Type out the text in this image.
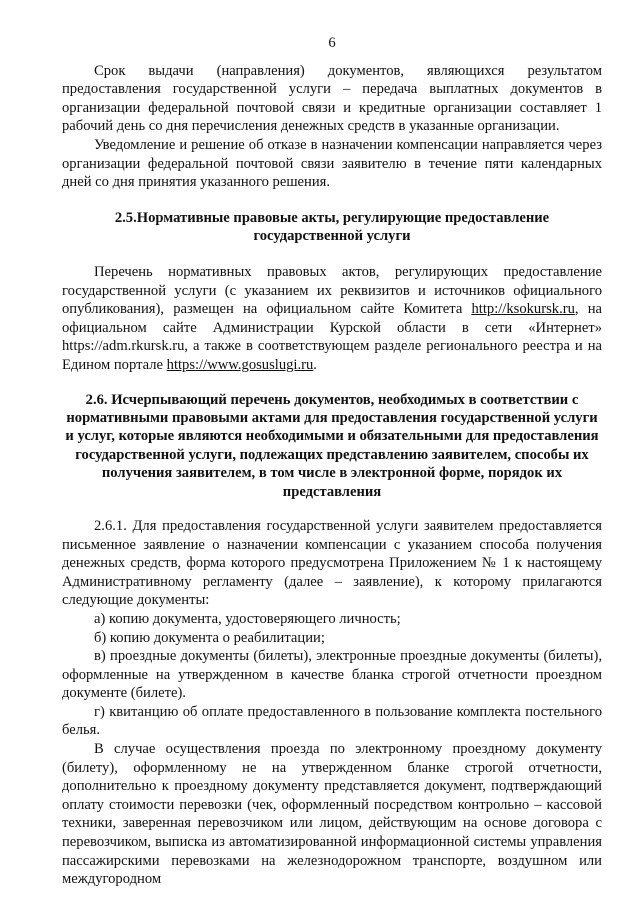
6

Срок выдачи (направления) документов, являющихся результатом предоставления государственной услуги – передача выплатных документов в организации федеральной почтовой связи и кредитные организации составляет 1 рабочий день со дня перечисления денежных средств в указанные организации.

Уведомление и решение об отказе в назначении компенсации направляется через организации федеральной почтовой связи заявителю в течение пяти календарных дней со дня принятия указанного решения.

2.5.Нормативные правовые акты, регулирующие предоставление государственной услуги

Перечень нормативных правовых актов, регулирующих предоставление государственной услуги (с указанием их реквизитов и источников официального опубликования), размещен на официальном сайте Комитета http://ksokursk.ru, на официальном сайте Администрации Курской области в сети «Интернет» https://adm.rkursk.ru, а также в соответствующем разделе регионального реестра и на Едином портале https://www.gosuslugi.ru.

2.6. Исчерпывающий перечень документов, необходимых в соответствии с нормативными правовыми актами для предоставления государственной услуги и услуг, которые являются необходимыми и обязательными для предоставления государственной услуги, подлежащих представлению заявителем, способы их получения заявителем, в том числе в электронной форме, порядок их представления

2.6.1. Для предоставления государственной услуги заявителем предоставляется письменное заявление о назначении компенсации с указанием способа получения денежных средств, форма которого предусмотрена Приложением № 1 к настоящему Административному регламенту (далее – заявление), к которому прилагаются следующие документы:

а) копию документа, удостоверяющего личность;

б) копию документа о реабилитации;

в) проездные документы (билеты), электронные проездные документы (билеты), оформленные на утвержденном в качестве бланка строгой отчетности проездном документе (билете).

г) квитанцию об оплате предоставленного в пользование комплекта постельного белья.

В случае осуществления проезда по электронному проездному документу (билету), оформленному не на утвержденном бланке строгой отчетности, дополнительно к проездному документу представляется документ, подтверждающий оплату стоимости перевозки (чек, оформленный посредством контрольно – кассовой техники, заверенная перевозчиком или лицом, действующим на основе договора с перевозчиком, выписка из автоматизированной информационной системы управления пассажирскими перевозками на железнодорожном транспорте, воздушном или междугородном
